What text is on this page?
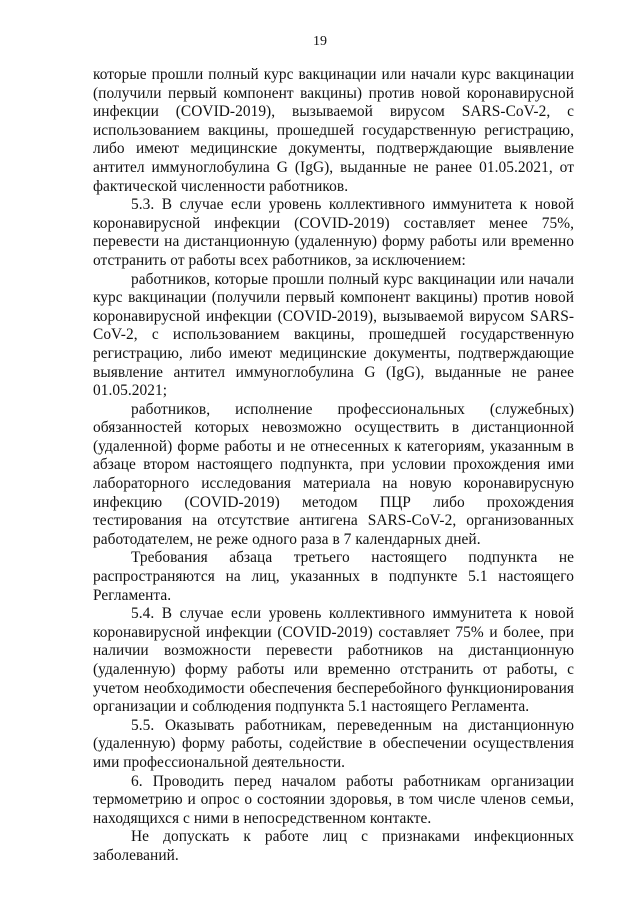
19

которые прошли полный курс вакцинации или начали курс вакцинации (получили первый компонент вакцины) против новой коронавирусной инфекции (COVID-2019), вызываемой вирусом SARS-CoV-2, с использованием вакцины, прошедшей государственную регистрацию, либо имеют медицинские документы, подтверждающие выявление антител иммуноглобулина G (IgG), выданные не ранее 01.05.2021, от фактической численности работников.

5.3. В случае если уровень коллективного иммунитета к новой коронавирусной инфекции (COVID-2019) составляет менее 75%, перевести на дистанционную (удаленную) форму работы или временно отстранить от работы всех работников, за исключением:

работников, которые прошли полный курс вакцинации или начали курс вакцинации (получили первый компонент вакцины) против новой коронавирусной инфекции (COVID-2019), вызываемой вирусом SARS-CoV-2, с использованием вакцины, прошедшей государственную регистрацию, либо имеют медицинские документы, подтверждающие выявление антител иммуноглобулина G (IgG), выданные не ранее 01.05.2021;

работников, исполнение профессиональных (служебных) обязанностей которых невозможно осуществить в дистанционной (удаленной) форме работы и не отнесенных к категориям, указанным в абзаце втором настоящего подпункта, при условии прохождения ими лабораторного исследования материала на новую коронавирусную инфекцию (COVID-2019) методом ПЦР либо прохождения тестирования на отсутствие антигена SARS-CoV-2, организованных работодателем, не реже одного раза в 7 календарных дней.

Требования абзаца третьего настоящего подпункта не распространяются на лиц, указанных в подпункте 5.1 настоящего Регламента.

5.4. В случае если уровень коллективного иммунитета к новой коронавирусной инфекции (COVID-2019) составляет 75% и более, при наличии возможности перевести работников на дистанционную (удаленную) форму работы или временно отстранить от работы, с учетом необходимости обеспечения бесперебойного функционирования организации и соблюдения подпункта 5.1 настоящего Регламента.

5.5. Оказывать работникам, переведенным на дистанционную (удаленную) форму работы, содействие в обеспечении осуществления ими профессиональной деятельности.

6. Проводить перед началом работы работникам организации термометрию и опрос о состоянии здоровья, в том числе членов семьи, находящихся с ними в непосредственном контакте.

Не допускать к работе лиц с признаками инфекционных заболеваний.
